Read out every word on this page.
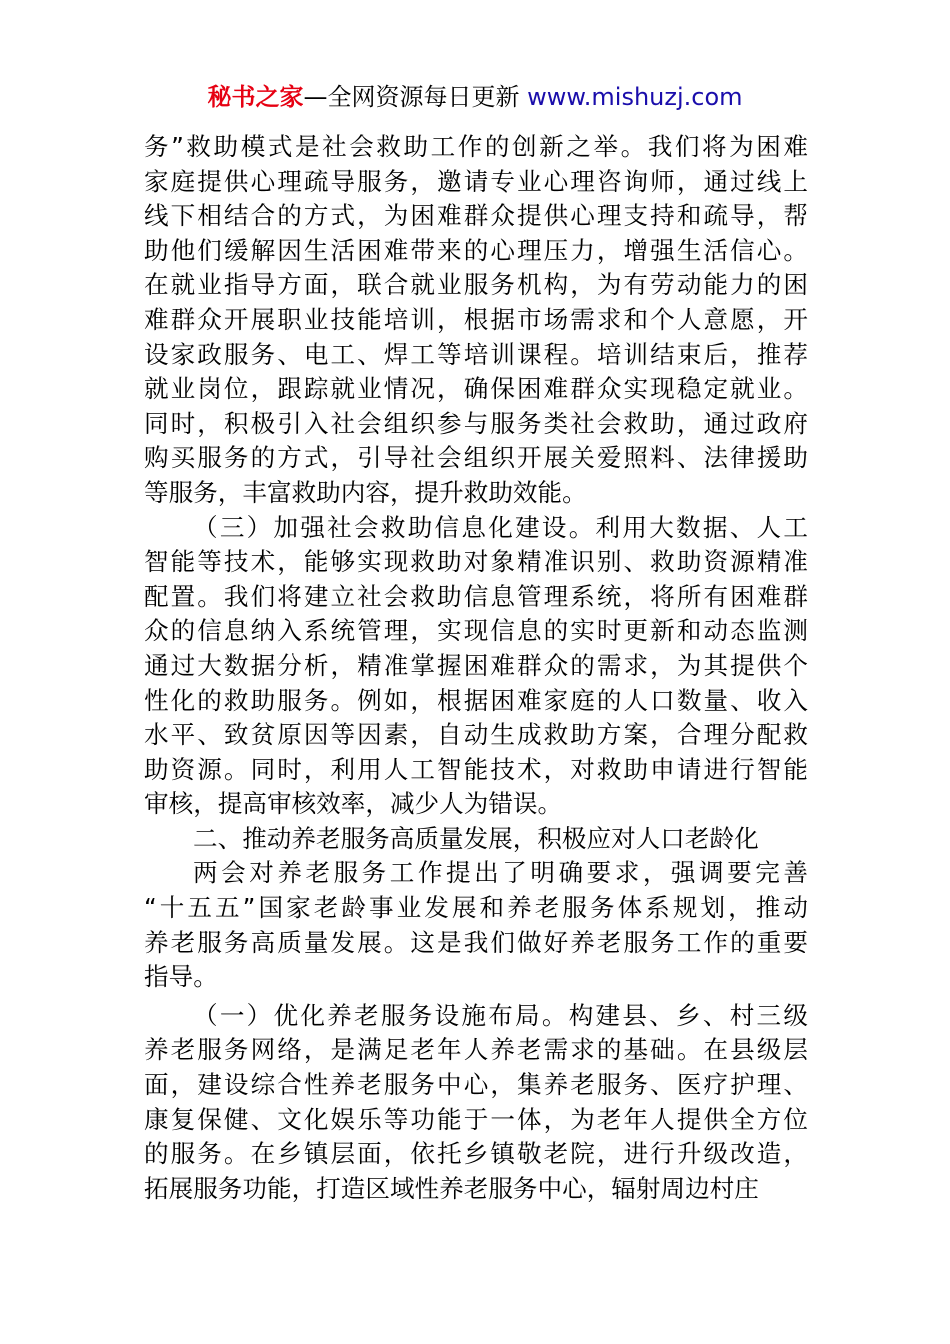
秘书之家—全网资源每日更新 www.mishuzj.com
务”救助模式是社会救助工作的创新之举。我们将为困难
家庭提供心理疏导服务，邀请专业心理咨询师，通过线上
线下相结合的方式，为困难群众提供心理支持和疏导，帮
助他们缓解因生活困难带来的心理压力，增强生活信心。
在就业指导方面，联合就业服务机构，为有劳动能力的困
难群众开展职业技能培训，根据市场需求和个人意愿，开
设家政服务、电工、焊工等培训课程。培训结束后，推荐
就业岗位，跟踪就业情况，确保困难群众实现稳定就业。
同时，积极引入社会组织参与服务类社会救助，通过政府
购买服务的方式，引导社会组织开展关爱照料、法律援助
等服务，丰富救助内容，提升救助效能。
（三）加强社会救助信息化建设。利用大数据、人工
智能等技术，能够实现救助对象精准识别、救助资源精准
配置。我们将建立社会救助信息管理系统，将所有困难群
众的信息纳入系统管理，实现信息的实时更新和动态监测
通过大数据分析，精准掌握困难群众的需求，为其提供个
性化的救助服务。例如，根据困难家庭的人口数量、收入
水平、致贫原因等因素，自动生成救助方案，合理分配救
助资源。同时，利用人工智能技术，对救助申请进行智能
审核，提高审核效率，减少人为错误。
二、推动养老服务高质量发展，积极应对人口老龄化
两会对养老服务工作提出了明确要求，强调要完善
“十五五”国家老龄事业发展和养老服务体系规划，推动
养老服务高质量发展。这是我们做好养老服务工作的重要
指导。
（一）优化养老服务设施布局。构建县、乡、村三级
养老服务网络，是满足老年人养老需求的基础。在县级层
面，建设综合性养老服务中心，集养老服务、医疗护理、
康复保健、文化娱乐等功能于一体，为老年人提供全方位
的服务。在乡镇层面，依托乡镇敬老院，进行升级改造，
拓展服务功能，打造区域性养老服务中心，辐射周边村庄
